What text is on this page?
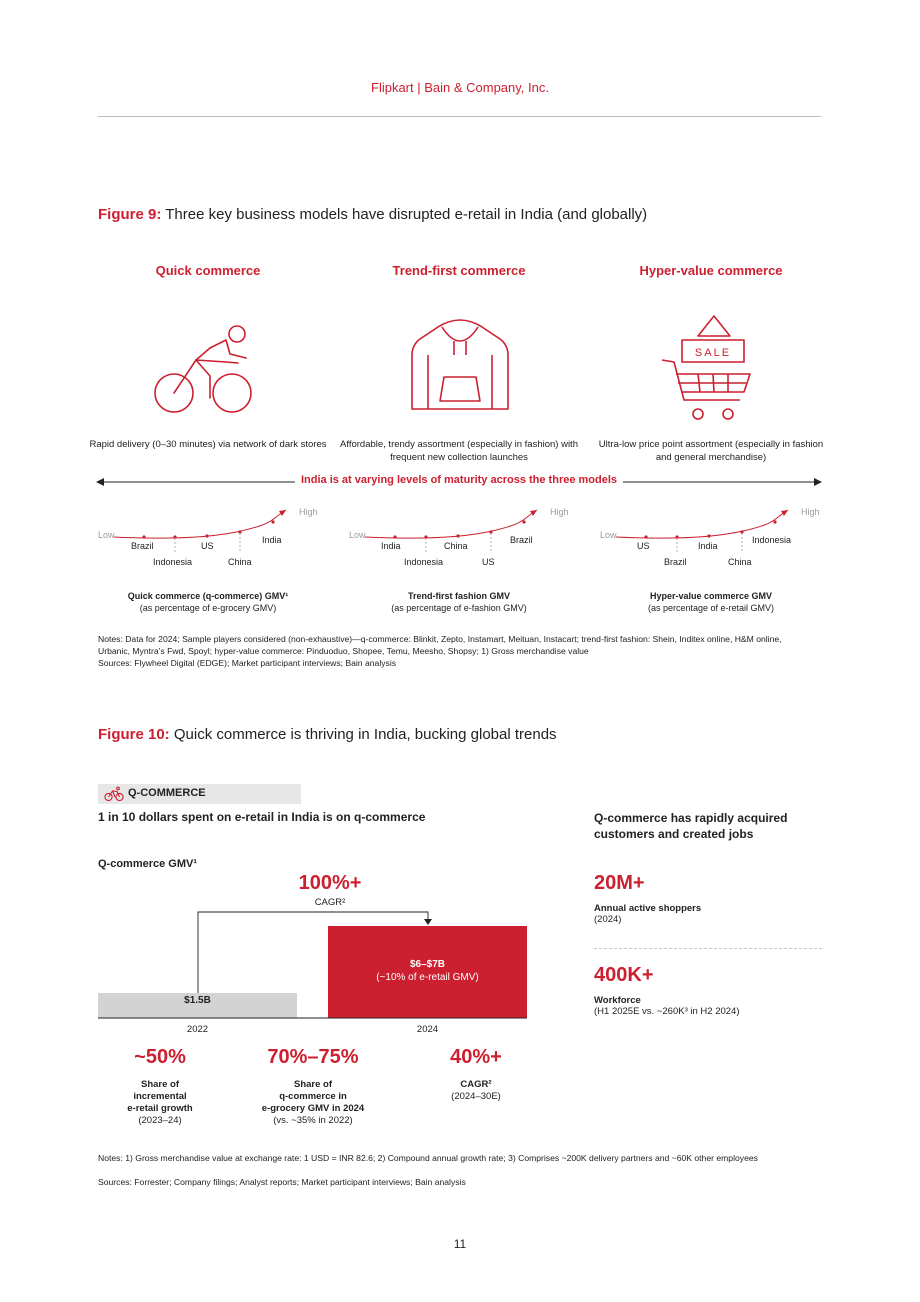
Flipkart | Bain & Company, Inc.
Figure 9: Three key business models have disrupted e-retail in India (and globally)
Quick commerce	Trend-first commerce	Hyper-value commerce
SALE
Rapid delivery (0–30 minutes) via network of dark stores Affordable, trendy assortment (especially in fashion) with frequent new collection launches
Ultra-low price point assortment (especially in fashion and general merchandise)
India is at varying levels of maturity across the three models
Low
High
Brazil
Indonesia
US
China
India	Low
High
India
Indonesia
China
US
Brazil	Low
High
US
Brazil
India
China
Indonesia
Quick commerce (q-commerce) GMV¹
(as percentage of e-grocery GMV)
Trend-first fashion GMV
(as percentage of e-fashion GMV)
Hyper-value commerce GMV
(as percentage of e-retail GMV)
Notes: Data for 2024; Sample players considered (non-exhaustive)—q-commerce: Blinkit, Zepto, Instamart, Meituan, Instacart; trend-first fashion: Shein, Inditex online, H&M online, Urbanic, Myntra’s Fwd, Spoyl; hyper-value commerce: Pinduoduo, Shopee, Temu, Meesho, Shopsy; 1) Gross merchandise value
Sources: Flywheel Digital (EDGE); Market participant interviews; Bain analysis
Figure 10: Quick commerce is thriving in India, bucking global trends
Q-COMMERCE
1 in 10 dollars spent on e-retail in India is on q-commerce
Q-commerce GMV¹
100%+
CAGR²
$1.5B
$6–$7B
(~10% of e-retail GMV)
2022	2024
~50%
Share of
incremental
e-retail growth
(2023–24)
70%–75%
Share of
q-commerce in
e-grocery GMV in 2024
(vs. ~35% in 2022)
40%+
CAGR²
(2024–30E)
Q-commerce has rapidly acquired customers and created jobs
20M+
Annual active shoppers
(2024)
400K+
Workforce
(H1 2025E vs. ~260K³ in H2 2024)
Notes: 1) Gross merchandise value at exchange rate: 1 USD = INR 82.6; 2) Compound annual growth rate; 3) Comprises ~200K delivery partners and ~60K other employees
Sources: Forrester; Company filings; Analyst reports; Market participant interviews; Bain analysis
11
